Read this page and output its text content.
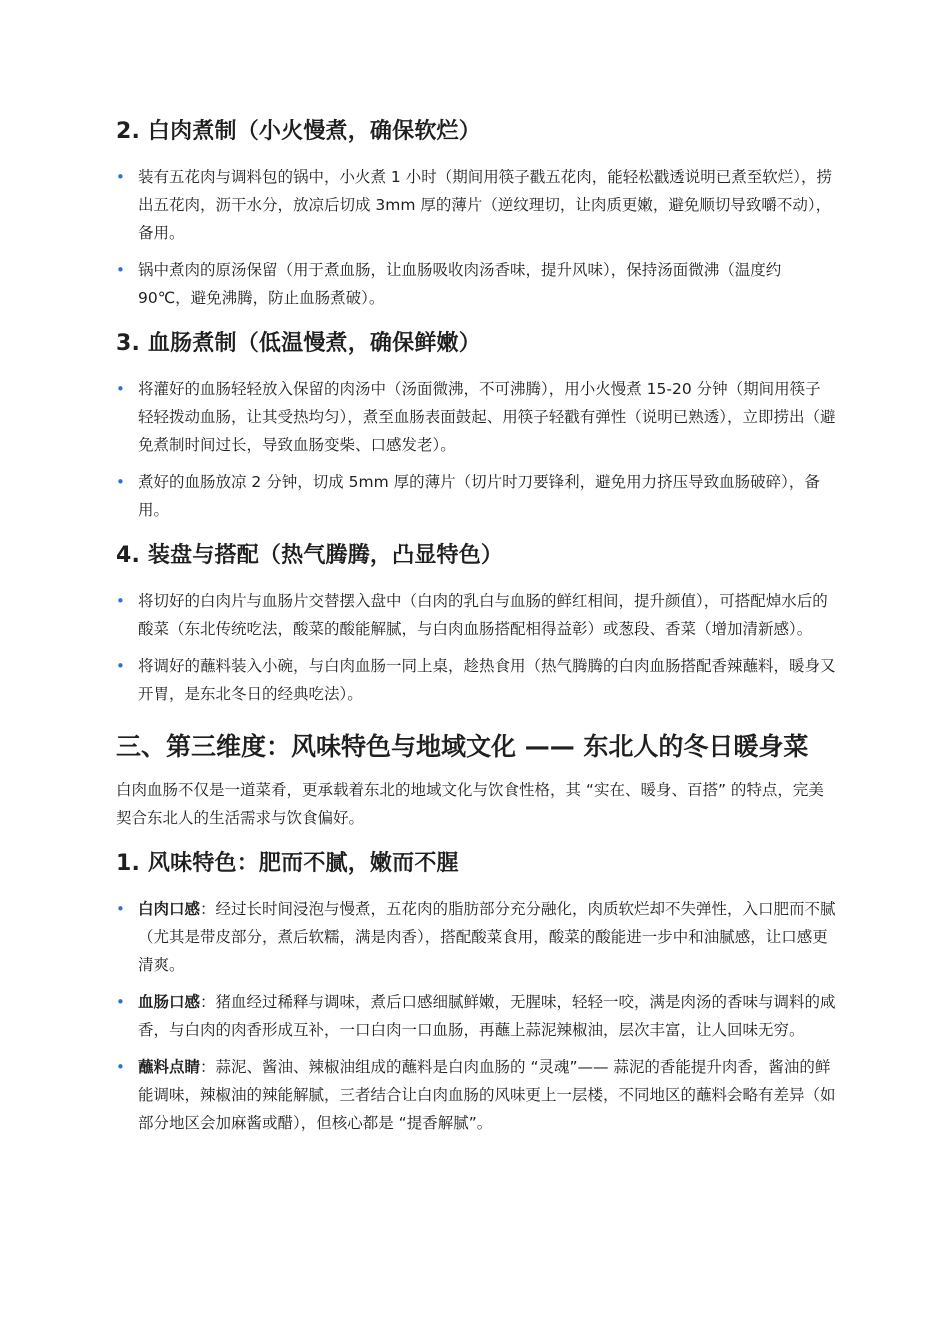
2. 白肉煮制（小火慢煮，确保软烂）
• 装有五花肉与调料包的锅中，小火煮 1 小时（期间用筷子戳五花肉，能轻松戳透说明已煮至软烂），捞出五花肉，沥干水分，放凉后切成 3mm 厚的薄片（逆纹理切，让肉质更嫩，避免顺切导致嚼不动），备用。
• 锅中煮肉的原汤保留（用于煮血肠，让血肠吸收肉汤香味，提升风味），保持汤面微沸（温度约 90℃，避免沸腾，防止血肠煮破）。
3. 血肠煮制（低温慢煮，确保鲜嫩）
• 将灌好的血肠轻轻放入保留的肉汤中（汤面微沸，不可沸腾），用小火慢煮 15-20 分钟（期间用筷子轻轻拨动血肠，让其受热均匀），煮至血肠表面鼓起、用筷子轻戳有弹性（说明已熟透），立即捞出（避免煮制时间过长，导致血肠变柴、口感发老）。
• 煮好的血肠放凉 2 分钟，切成 5mm 厚的薄片（切片时刀要锋利，避免用力挤压导致血肠破碎），备用。
4. 装盘与搭配（热气腾腾，凸显特色）
• 将切好的白肉片与血肠片交替摆入盘中（白肉的乳白与血肠的鲜红相间，提升颜值），可搭配焯水后的酸菜（东北传统吃法，酸菜的酸能解腻，与白肉血肠搭配相得益彰）或葱段、香菜（增加清新感）。
• 将调好的蘸料装入小碗，与白肉血肠一同上桌，趁热食用（热气腾腾的白肉血肠搭配香辣蘸料，暖身又开胃，是东北冬日的经典吃法）。
三、第三维度：风味特色与地域文化 —— 东北人的冬日暖身菜

白肉血肠不仅是一道菜肴，更承载着东北的地域文化与饮食性格，其 “实在、暖身、百搭” 的特点，完美契合东北人的生活需求与饮食偏好。

1. 风味特色：肥而不腻，嫩而不腥
• 白肉口感：经过长时间浸泡与慢煮，五花肉的脂肪部分充分融化，肉质软烂却不失弹性，入口肥而不腻（尤其是带皮部分，煮后软糯，满是肉香），搭配酸菜食用，酸菜的酸能进一步中和油腻感，让口感更清爽。
• 血肠口感：猪血经过稀释与调味，煮后口感细腻鲜嫩，无腥味，轻轻一咬，满是肉汤的香味与调料的咸香，与白肉的肉香形成互补，一口白肉一口血肠，再蘸上蒜泥辣椒油，层次丰富，让人回味无穷。
• 蘸料点睛：蒜泥、酱油、辣椒油组成的蘸料是白肉血肠的 “灵魂”—— 蒜泥的香能提升肉香，酱油的鲜能调味，辣椒油的辣能解腻，三者结合让白肉血肠的风味更上一层楼，不同地区的蘸料会略有差异（如部分地区会加麻酱或醋），但核心都是 “提香解腻”。
